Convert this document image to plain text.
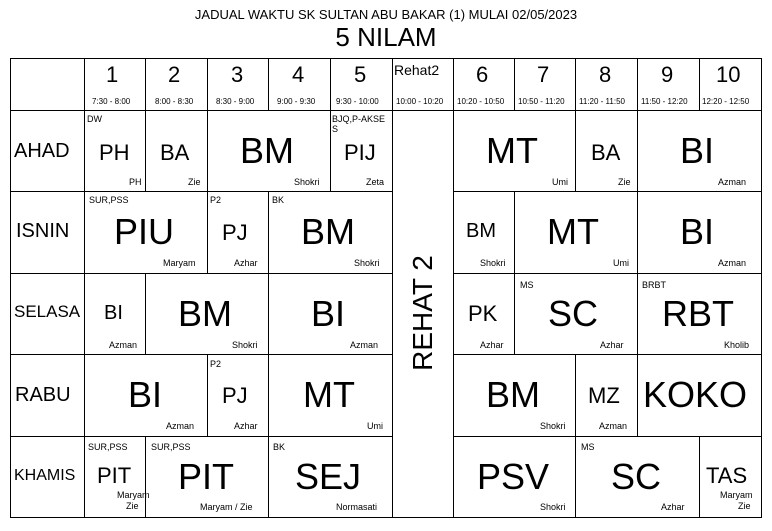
JADUAL WAKTU SK SULTAN ABU BAKAR (1) MULAI 02/05/2023
5 NILAM
1
7:30 - 8:00
2
8:00 - 8:30
3
8:30 - 9:00
4
9:00 - 9:30
5
9:30 - 10:00
Rehat2
10:00 - 10:20
6
10:20 - 10:50
7
10:50 - 11:20
8
11:20 - 11:50
9
11:50 - 12:20
10
12:20 - 12:50
AHAD
ISNIN
SELASA
RABU
KHAMIS
REHAT 2
DW
PH
PH
BA
Zie
BM
Shokri
BJQ,P-AKSES
PIJ
Zeta
MT
Umi
BA
Zie
BI
Azman
SUR,PSS
PIU
Maryam
P2
PJ
Azhar
BK
BM
Shokri
BM
Shokri
MT
Umi
BI
Azman
BI
Azman
BM
Shokri
BI
Azman
PK
Azhar
MS
SC
Azhar
BRBT
RBT
Kholib
BI
Azman
P2
PJ
Azhar
MT
Umi
BM
Shokri
MZ
Azman
KOKO
SUR,PSS
PIT
Maryam
Zie
SUR,PSS
PIT
Maryam / Zie
BK
SEJ
Normasati
PSV
Shokri
MS
SC
Azhar
TAS
Maryam
Zie
